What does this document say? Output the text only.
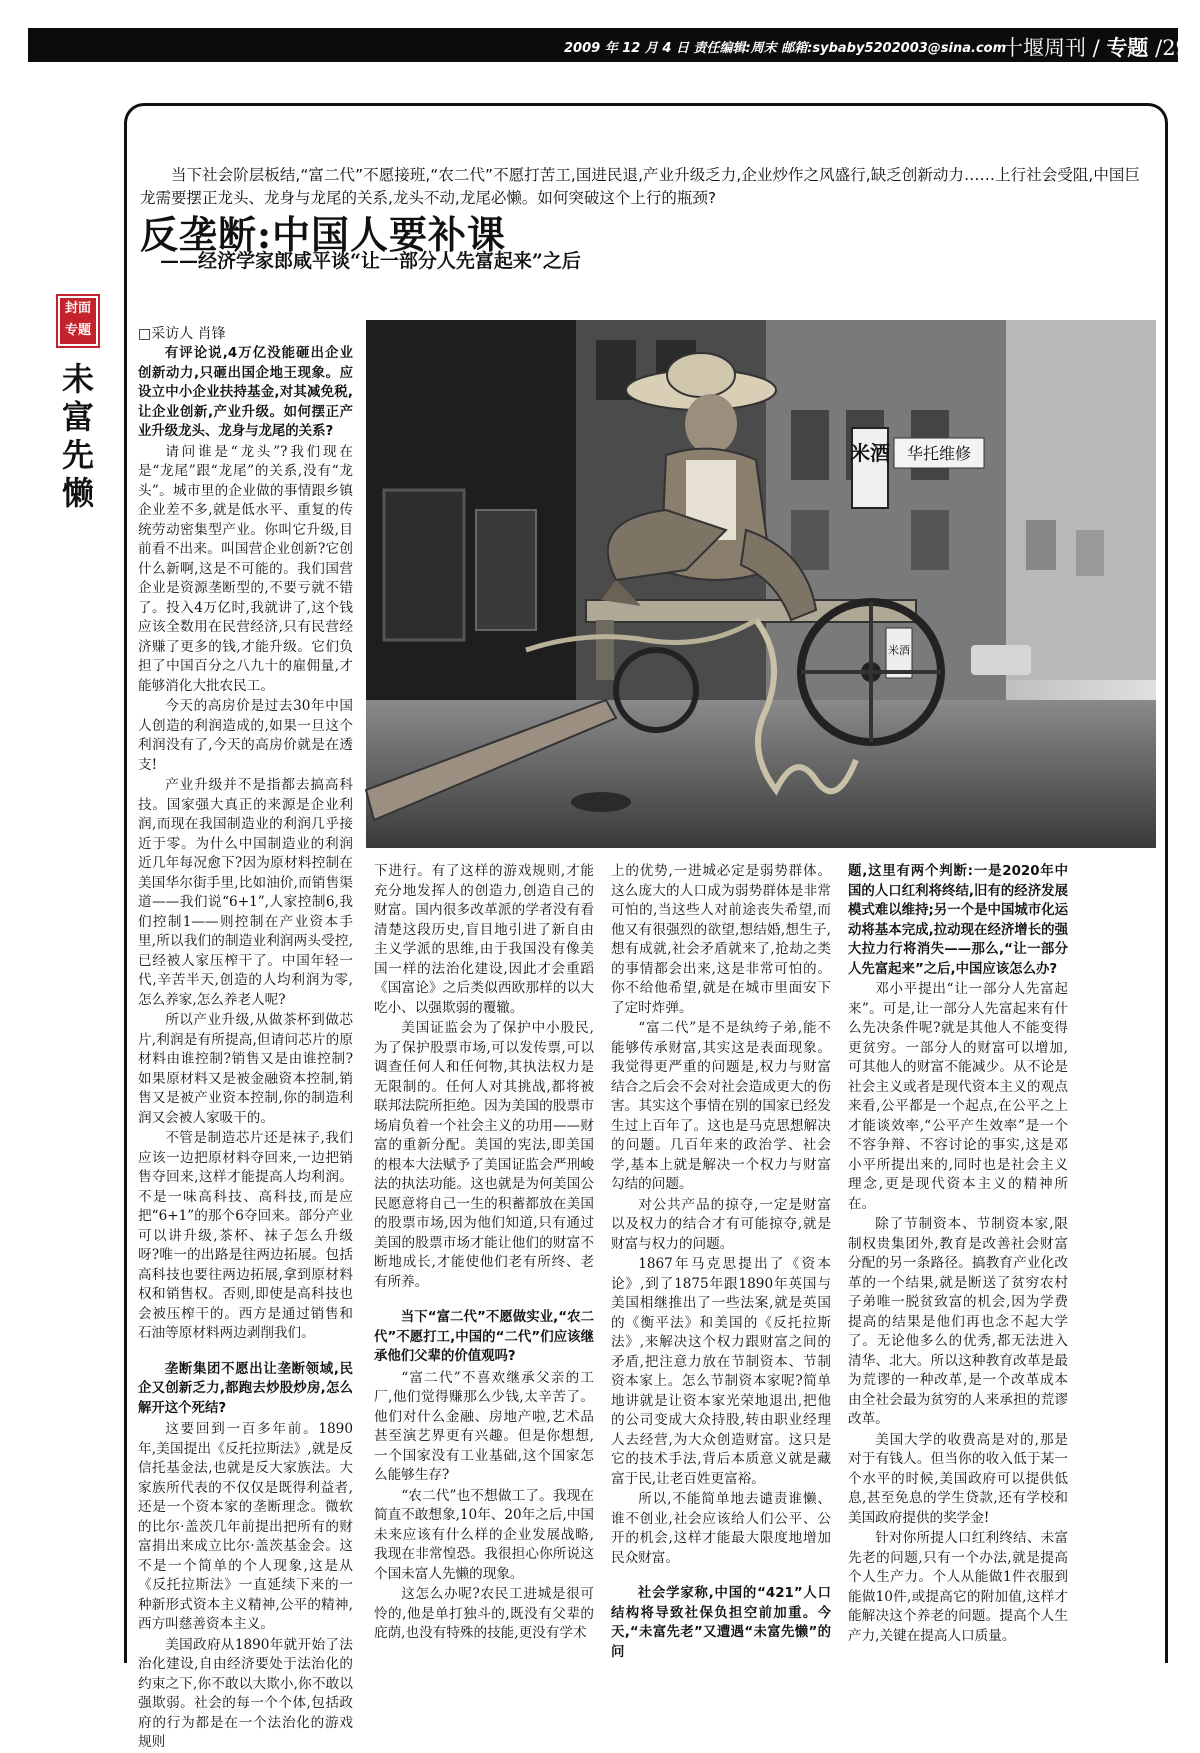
2009 年 12 月 4 日 责任编辑:周末 邮箱:sybaby5202003@sina.com
十堰周刊 / 专题 /29
封面
专题
未富先懒

当下社会阶层板结,“富二代”不愿接班,“农二代”不愿打苦工,国进民退,产业升级乏力,企业炒作之风盛行,缺乏创新动力……上行社会受阻,中国巨龙需要摆正龙头、龙身与龙尾的关系,龙头不动,龙尾必懒。如何突破这个上行的瓶颈?

反垄断:中国人要补课
——经济学家郎咸平谈“让一部分人先富起来”之后
□采访人 肖锋
米酒 华托维修
米酒

有评论说,4万亿没能砸出企业创新动力,只砸出国企地王现象。应设立中小企业扶持基金,对其减免税,让企业创新,产业升级。如何摆正产业升级龙头、龙身与龙尾的关系?

请问谁是“龙头”?我们现在是“龙尾”跟“龙尾”的关系,没有“龙头”。城市里的企业做的事情跟乡镇企业差不多,就是低水平、重复的传统劳动密集型产业。你叫它升级,目前看不出来。叫国营企业创新?它创什么新啊,这是不可能的。我们国营企业是资源垄断型的,不要亏就不错了。投入4万亿时,我就讲了,这个钱应该全数用在民营经济,只有民营经济赚了更多的钱,才能升级。它们负担了中国百分之八九十的雇佣量,才能够消化大批农民工。

今天的高房价是过去30年中国人创造的利润造成的,如果一旦这个利润没有了,今天的高房价就是在透支!

产业升级并不是指都去搞高科技。国家强大真正的来源是企业利润,而现在我国制造业的利润几乎接近于零。为什么中国制造业的利润近几年每况愈下?因为原材料控制在美国华尔街手里,比如油价,而销售渠道——我们说“6+1”,人家控制6,我们控制1——则控制在产业资本手里,所以我们的制造业利润两头受控,已经被人家压榨干了。中国年轻一代,辛苦半天,创造的人均利润为零,怎么养家,怎么养老人呢?

所以产业升级,从做茶杯到做芯片,利润是有所提高,但请问芯片的原材料由谁控制?销售又是由谁控制?如果原材料又是被金融资本控制,销售又是被产业资本控制,你的制造利润又会被人家吸干的。

不管是制造芯片还是袜子,我们应该一边把原材料夺回来,一边把销售夺回来,这样才能提高人均利润。不是一味高科技、高科技,而是应把“6+1”的那个6夺回来。部分产业可以讲升级,茶杯、袜子怎么升级呀?唯一的出路是往两边拓展。包括高科技也要往两边拓展,拿到原材料权和销售权。否则,即使是高科技也会被压榨干的。西方是通过销售和石油等原材料两边剥削我们。

垄断集团不愿出让垄断领域,民企又创新乏力,都跑去炒股炒房,怎么解开这个死结?

这要回到一百多年前。1890年,美国提出《反托拉斯法》,就是反信托基金法,也就是反大家族法。大家族所代表的不仅仅是既得利益者,还是一个资本家的垄断理念。微软的比尔·盖茨几年前提出把所有的财富捐出来成立比尔·盖茨基金会。这不是一个简单的个人现象,这是从《反托拉斯法》一直延续下来的一种新形式资本主义精神,公平的精神,西方叫慈善资本主义。

美国政府从1890年就开始了法治化建设,自由经济要处于法治化的约束之下,你不敢以大欺小,你不敢以强欺弱。社会的每一个个体,包括政府的行为都是在一个法治化的游戏规则

下进行。有了这样的游戏规则,才能充分地发挥人的创造力,创造自己的财富。国内很多改革派的学者没有看清楚这段历史,盲目地引进了新自由主义学派的思维,由于我国没有像美国一样的法治化建设,因此才会重蹈《国富论》之后类似西欧那样的以大吃小、以强欺弱的覆辙。

美国证监会为了保护中小股民,为了保护股票市场,可以发传票,可以调查任何人和任何物,其执法权力是无限制的。任何人对其挑战,都将被联邦法院所拒绝。因为美国的股票市场肩负着一个社会主义的功用——财富的重新分配。美国的宪法,即美国的根本大法赋予了美国证监会严刑峻法的执法功能。这也就是为何美国公民愿意将自己一生的积蓄都放在美国的股票市场,因为他们知道,只有通过美国的股票市场才能让他们的财富不断地成长,才能使他们老有所终、老有所养。

当下“富二代”不愿做实业,“农二代”不愿打工,中国的“二代”们应该继承他们父辈的价值观吗?

“富二代”不喜欢继承父亲的工厂,他们觉得赚那么少钱,太辛苦了。他们对什么金融、房地产啦,艺术品甚至演艺界更有兴趣。但是你想想,一个国家没有工业基础,这个国家怎么能够生存?

“农二代”也不想做工了。我现在简直不敢想象,10年、20年之后,中国未来应该有什么样的企业发展战略,我现在非常惶恐。我很担心你所说这个国未富人先懒的现象。

这怎么办呢?农民工进城是很可怜的,他是单打独斗的,既没有父辈的庇荫,也没有特殊的技能,更没有学术

上的优势,一进城必定是弱势群体。这么庞大的人口成为弱势群体是非常可怕的,当这些人对前途丧失希望,而他又有很强烈的欲望,想结婚,想生子,想有成就,社会矛盾就来了,抢劫之类的事情都会出来,这是非常可怕的。你不给他希望,就是在城市里面安下了定时炸弹。

“富二代”是不是纨绔子弟,能不能够传承财富,其实这是表面现象。我觉得更严重的问题是,权力与财富结合之后会不会对社会造成更大的伤害。其实这个事情在别的国家已经发生过上百年了。这也是马克思想解决的问题。几百年来的政治学、社会学,基本上就是解决一个权力与财富勾结的问题。

对公共产品的掠夺,一定是财富以及权力的结合才有可能掠夺,就是财富与权力的问题。

1867年马克思提出了《资本论》,到了1875年跟1890年英国与美国相继推出了一些法案,就是英国的《衡平法》和美国的《反托拉斯法》,来解决这个权力跟财富之间的矛盾,把注意力放在节制资本、节制资本家上。怎么节制资本家呢?简单地讲就是让资本家光荣地退出,把他的公司变成大众持股,转由职业经理人去经营,为大众创造财富。这只是它的技术手法,背后本质意义就是藏富于民,让老百姓更富裕。

所以,不能简单地去谴责谁懒、谁不创业,社会应该给人们公平、公开的机会,这样才能最大限度地增加民众财富。

社会学家称,中国的“421”人口结构将导致社保负担空前加重。今天,“未富先老”又遭遇“未富先懒”的问

题,这里有两个判断:一是2020年中国的人口红利将终结,旧有的经济发展模式难以维持;另一个是中国城市化运动将基本完成,拉动现在经济增长的强大拉力行将消失——那么,“让一部分人先富起来”之后,中国应该怎么办?

邓小平提出“让一部分人先富起来”。可是,让一部分人先富起来有什么先决条件呢?就是其他人不能变得更贫穷。一部分人的财富可以增加,可其他人的财富不能减少。从不论是社会主义或者是现代资本主义的观点来看,公平都是一个起点,在公平之上才能谈效率,“公平产生效率”是一个不容争辩、不容讨论的事实,这是邓小平所提出来的,同时也是社会主义理念,更是现代资本主义的精神所在。

除了节制资本、节制资本家,限制权贵集团外,教育是改善社会财富分配的另一条路径。搞教育产业化改革的一个结果,就是断送了贫穷农村子弟唯一脱贫致富的机会,因为学费提高的结果是他们再也念不起大学了。无论他多么的优秀,都无法进入清华、北大。所以这种教育改革是最为荒谬的一种改革,是一个改革成本由全社会最为贫穷的人来承担的荒谬改革。

美国大学的收费高是对的,那是对于有钱人。但当你的收入低于某一个水平的时候,美国政府可以提供低息,甚至免息的学生贷款,还有学校和美国政府提供的奖学金!

针对你所提人口红利终结、未富先老的问题,只有一个办法,就是提高个人生产力。个人从能做1件衣服到能做10件,或提高它的附加值,这样才能解决这个养老的问题。提高个人生产力,关键在提高人口质量。
